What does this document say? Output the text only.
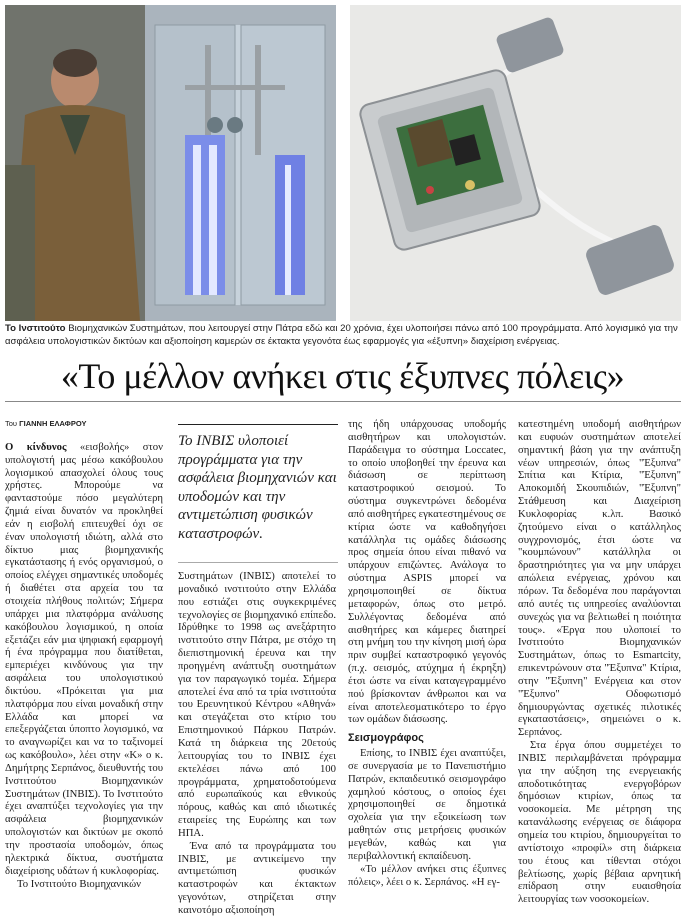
Το Ινστιτούτο Βιομηχανικών Συστημάτων, που λειτουργεί στην Πάτρα εδώ και 20 χρόνια, έχει υλοποιήσει πάνω από 100 προγράμματα. Από λογισμικό για την ασφάλεια υπολογιστικών δικτύων και αξιοποίηση καμερών σε έκτακτα γεγονότα έως εφαρμογές για «έξυπνη» διαχείριση ενέργειας.
«Το μέλλον ανήκει στις έξυπνες πόλεις»
Του ΓΙΑΝΝΗ ΕΛΑΦΡΟΥ

Ο κίνδυνος «εισβολής» στον υπολογιστή μας μέσω κακόβουλου λογισμικού απασχολεί όλους τους χρήστες. Μπορούμε να φανταστούμε πόσο μεγαλύτερη ζημιά είναι δυνατόν να προκληθεί εάν η εισβολή επιτευχθεί όχι σε έναν υπολογιστή ιδιώτη, αλλά στο δίκτυο μιας βιομηχανικής εγκατάστασης ή ενός οργανισμού, ο οποίος ελέγχει σημαντικές υποδομές ή διαθέτει στα αρχεία του τα στοιχεία πλήθους πολιτών; Σήμερα υπάρχει μια πλατφόρμα ανάλυσης κακόβουλου λογισμικού, η οποία εξετάζει εάν μια ψηφιακή εφαρμογή ή ένα πρόγραμμα που διατίθεται, εμπεριέχει κινδύνους για την ασφάλεια του υπολογιστικού δικτύου. «Πρόκειται για μια πλατφόρμα που είναι μοναδική στην Ελλάδα και μπορεί να επεξεργάζεται ύποπτο λογισμικό, να το αναγνωρίζει και να το ταξινομεί ως κακόβουλο», λέει στην «Κ» ο κ. Δημήτρης Σερπάνος, διευθυντής του Ινστιτούτου Βιομηχανικών Συστημάτων (ΙΝΒΙΣ). Το Ινστιτούτο έχει αναπτύξει τεχνολογίες για την ασφάλεια βιομηχανικών υπολογιστών και δικτύων με σκοπό την προστασία υποδομών, όπως ηλεκτρικά δίκτυα, συστήματα διαχείρισης υδάτων ή κυκλοφορίας.

Το Ινστιτούτο Βιομηχανικών

Το ΙΝΒΙΣ υλοποιεί προγράμματα για την ασφάλεια βιομηχανιών και υποδομών και την αντιμετώπιση φυσικών καταστροφών.

Συστημάτων (ΙΝΒΙΣ) αποτελεί το μοναδικό ινστιτούτο στην Ελλάδα που εστιάζει στις συγκεκριμένες τεχνολογίες σε βιομηχανικό επίπεδο. Ιδρύθηκε το 1998 ως ανεξάρτητο ινστιτούτο στην Πάτρα, με στόχο τη διεπιστημονική έρευνα και την προηγμένη ανάπτυξη συστημάτων για τον παραγωγικό τομέα. Σήμερα αποτελεί ένα από τα τρία ινστιτούτα του Ερευνητικού Κέντρου «Αθηνά» και στεγάζεται στο κτίριο του Επιστημονικού Πάρκου Πατρών. Κατά τη διάρκεια της 20ετούς λειτουργίας του το ΙΝΒΙΣ έχει εκτελέσει πάνω από 100 προγράμματα, χρηματοδοτούμενα από ευρωπαϊκούς και εθνικούς πόρους, καθώς και από ιδιωτικές εταιρείες της Ευρώπης και των ΗΠΑ.

Ένα από τα προγράμματα του ΙΝΒΙΣ, με αντικείμενο την αντιμετώπιση φυσικών καταστροφών και έκτακτων γεγονότων, στηρίζεται στην καινοτόμο αξιοποίηση

της ήδη υπάρχουσας υποδομής αισθητήρων και υπολογιστών. Παράδειγμα το σύστημα Loccatec, το οποίο υποβοηθεί την έρευνα και διάσωση σε περίπτωση καταστροφικού σεισμού. Το σύστημα συγκεντρώνει δεδομένα από αισθητήρες εγκατεστημένους σε κτίρια ώστε να καθοδηγήσει κατάλληλα τις ομάδες διάσωσης προς σημεία όπου είναι πιθανό να υπάρχουν επιζώντες. Ανάλογα το σύστημα ASPIS μπορεί να χρησιμοποιηθεί σε δίκτυα μεταφορών, όπως στο μετρό. Συλλέγοντας δεδομένα από αισθητήρες και κάμερες διατηρεί στη μνήμη του την κίνηση μισή ώρα πριν συμβεί καταστροφικό γεγονός (π.χ. σεισμός, ατύχημα ή έκρηξη) έτσι ώστε να είναι καταγεγραμμένο πού βρίσκονταν άνθρωποι και να είναι αποτελεσματικότερο το έργο των ομάδων διάσωσης.

Σεισμογράφος

Επίσης, το ΙΝΒΙΣ έχει αναπτύξει, σε συνεργασία με το Πανεπιστήμιο Πατρών, εκπαιδευτικό σεισμογράφο χαμηλού κόστους, ο οποίος έχει χρησιμοποιηθεί σε δημοτικά σχολεία για την εξοικείωση των μαθητών στις μετρήσεις φυσικών μεγεθών, καθώς και για περιβαλλοντική εκπαίδευση.

«Το μέλλον ανήκει στις έξυπνες πόλεις», λέει ο κ. Σερπάνος. «Η εγ-

κατεστημένη υποδομή αισθητήρων και ευφυών συστημάτων αποτελεί σημαντική βάση για την ανάπτυξη νέων υπηρεσιών, όπως "Έξυπνα" Σπίτια και Κτίρια, "Έξυπνη" Αποκομιδή Σκουπιδιών, "Έξυπνη" Στάθμευση και Διαχείριση Κυκλοφορίας κ.λπ. Βασικό ζητούμενο είναι ο κατάλληλος συγχρονισμός, έτσι ώστε να "κουμπώνουν" κατάλληλα οι δραστηριότητες για να μην υπάρχει απώλεια ενέργειας, χρόνου και πόρων. Τα δεδομένα που παράγονται από αυτές τις υπηρεσίες αναλύονται συνεχώς για να βελτιωθεί η ποιότητα τους». «Έργα που υλοποιεί το Ινστιτούτο Βιομηχανικών Συστημάτων, όπως το Esmartcity, επικεντρώνουν στα "Έξυπνα" Κτίρια, στην "Έξυπνη" Ενέργεια και στον "Έξυπνο" Οδοφωτισμό δημιουργώντας σχετικές πιλοτικές εγκαταστάσεις», σημειώνει ο κ. Σερπάνος.

Στα έργα όπου συμμετέχει το ΙΝΒΙΣ περιλαμβάνεται πρόγραμμα για την αύξηση της ενεργειακής αποδοτικότητας ενεργοβόρων δημόσιων κτιρίων, όπως τα νοσοκομεία. Με μέτρηση της κατανάλωσης ενέργειας σε διάφορα σημεία του κτιρίου, δημιουργείται το αντίστοιχο «προφίλ» στη διάρκεια του έτους και τίθενται στόχοι βελτίωσης, χωρίς βέβαια αρνητική επίδραση στην ευαισθησία λειτουργίας των νοσοκομείων.
